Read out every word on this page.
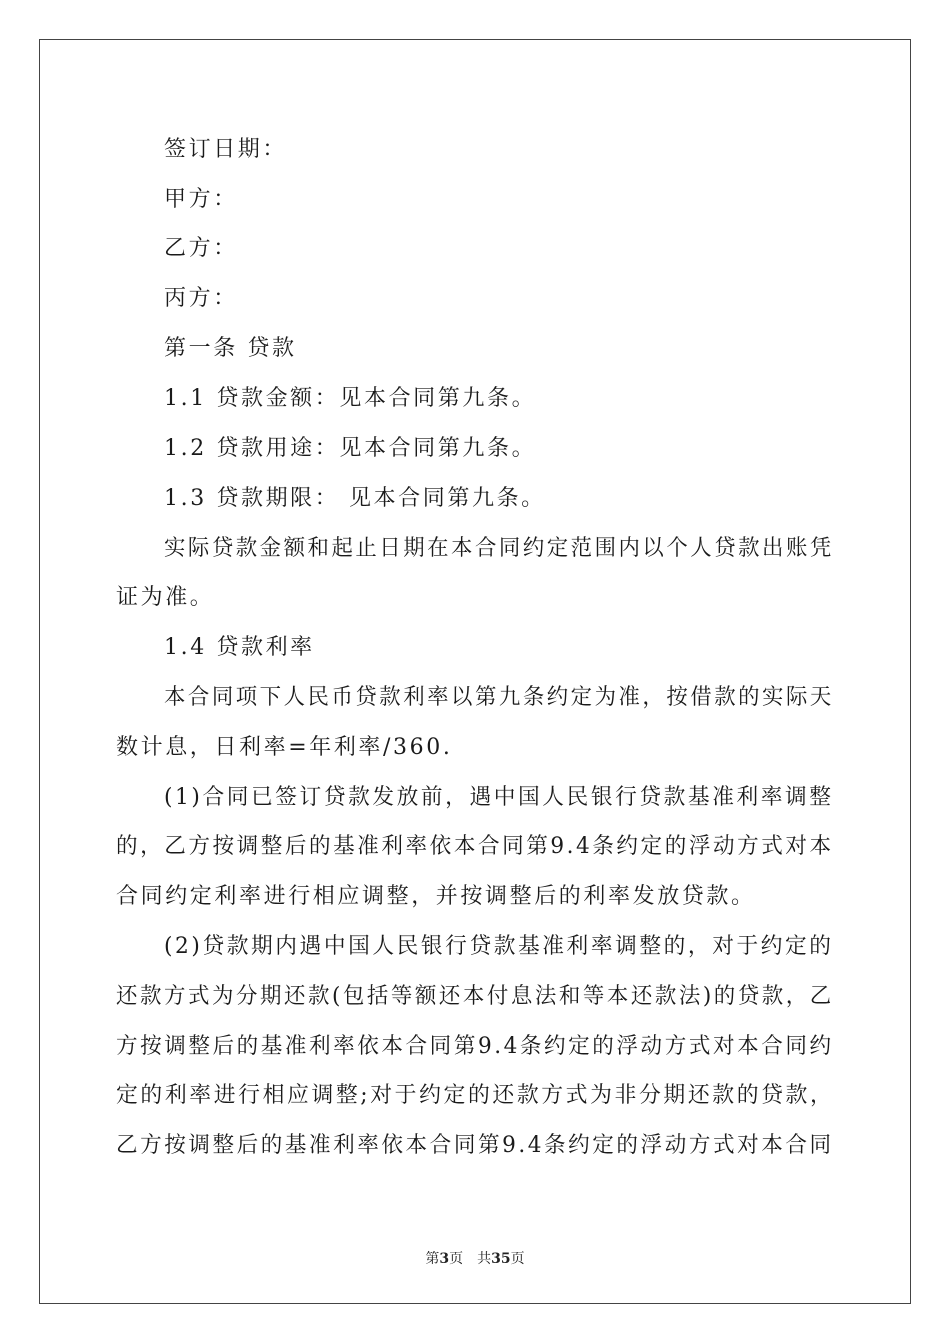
签订日期：
甲方：
乙方：
丙方：
第一条 贷款
1.1 贷款金额：见本合同第九条。
1.2 贷款用途：见本合同第九条。
1.3 贷款期限： 见本合同第九条。
实际贷款金额和起止日期在本合同约定范围内以个人贷款出账凭
证为准。
1.4 贷款利率
本合同项下人民币贷款利率以第九条约定为准，按借款的实际天
数计息，日利率=年利率/360.
(1)合同已签订贷款发放前，遇中国人民银行贷款基准利率调整
的，乙方按调整后的基准利率依本合同第9.4条约定的浮动方式对本
合同约定利率进行相应调整，并按调整后的利率发放贷款。
(2)贷款期内遇中国人民银行贷款基准利率调整的，对于约定的
还款方式为分期还款(包括等额还本付息法和等本还款法)的贷款，乙
方按调整后的基准利率依本合同第9.4条约定的浮动方式对本合同约
定的利率进行相应调整;对于约定的还款方式为非分期还款的贷款，
乙方按调整后的基准利率依本合同第9.4条约定的浮动方式对本合同
第3页　共35页
